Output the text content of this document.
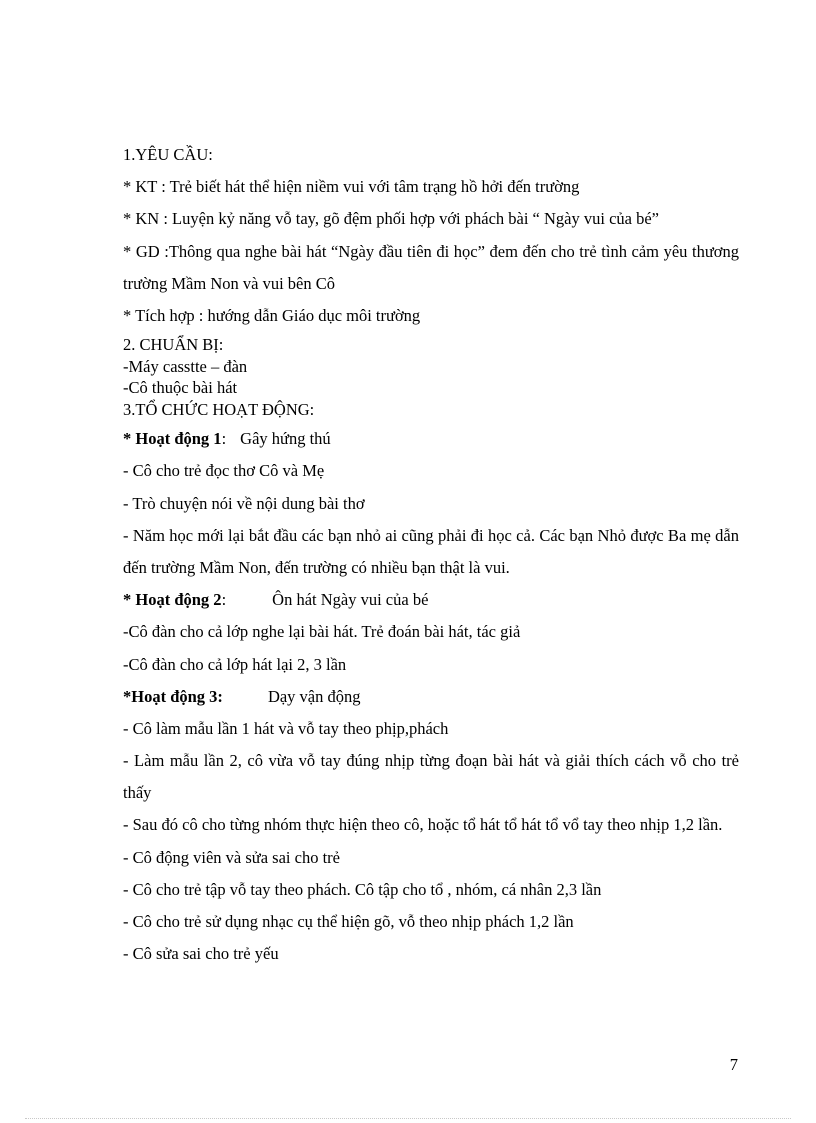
1.YÊU CẦU:
* KT : Trẻ biết hát thể hiện niềm vui với tâm trạng hồ hởi đến trường
* KN : Luyện kỷ năng vỗ tay, gõ đệm phối hợp với phách bài “ Ngày vui của bé”
* GD :Thông qua nghe bài hát “Ngày đầu tiên đi học” đem đến cho trẻ tình cảm yêu thương trường Mầm Non và vui bên Cô
* Tích hợp : hướng dẫn Giáo dục môi trường
2. CHUẨN BỊ:
-Máy casstte – đàn
-Cô thuộc bài hát
3.TỔ CHỨC HOẠT ĐỘNG:
* Hoạt động 1: Gây hứng thú
- Cô cho trẻ đọc thơ Cô và Mẹ
- Trò chuyện nói về nội dung bài thơ
- Năm học mới lại bắt đầu các bạn nhỏ ai cũng phải đi học cả. Các bạn Nhỏ được Ba mẹ dẫn đến trường Mầm Non, đến trường có nhiều bạn thật là vui.
* Hoạt động 2:	Ôn hát Ngày vui của bé
-Cô đàn cho cả lớp nghe lại bài hát. Trẻ đoán bài hát, tác giả
-Cô đàn cho cả lớp hát lại 2, 3 lần
*Hoạt động 3:	Dạy vận động
- Cô làm mẫu lần 1 hát và vỗ tay theo phịp,phách
- Làm mẫu lần 2, cô vừa vỗ tay đúng nhịp từng đoạn bài hát và giải thích cách vỗ cho trẻ thấy
- Sau đó cô cho từng nhóm thực hiện theo cô, hoặc tổ hát tổ hát tổ vổ tay theo nhịp 1,2 lần.
- Cô động viên và sửa sai cho trẻ
- Cô cho trẻ tập vỗ tay theo phách. Cô tập cho tổ , nhóm, cá nhân 2,3 lần
- Cô cho trẻ sử dụng nhạc cụ thể hiện gõ, vỗ theo nhịp phách 1,2 lần
- Cô sửa sai cho trẻ yếu
7
